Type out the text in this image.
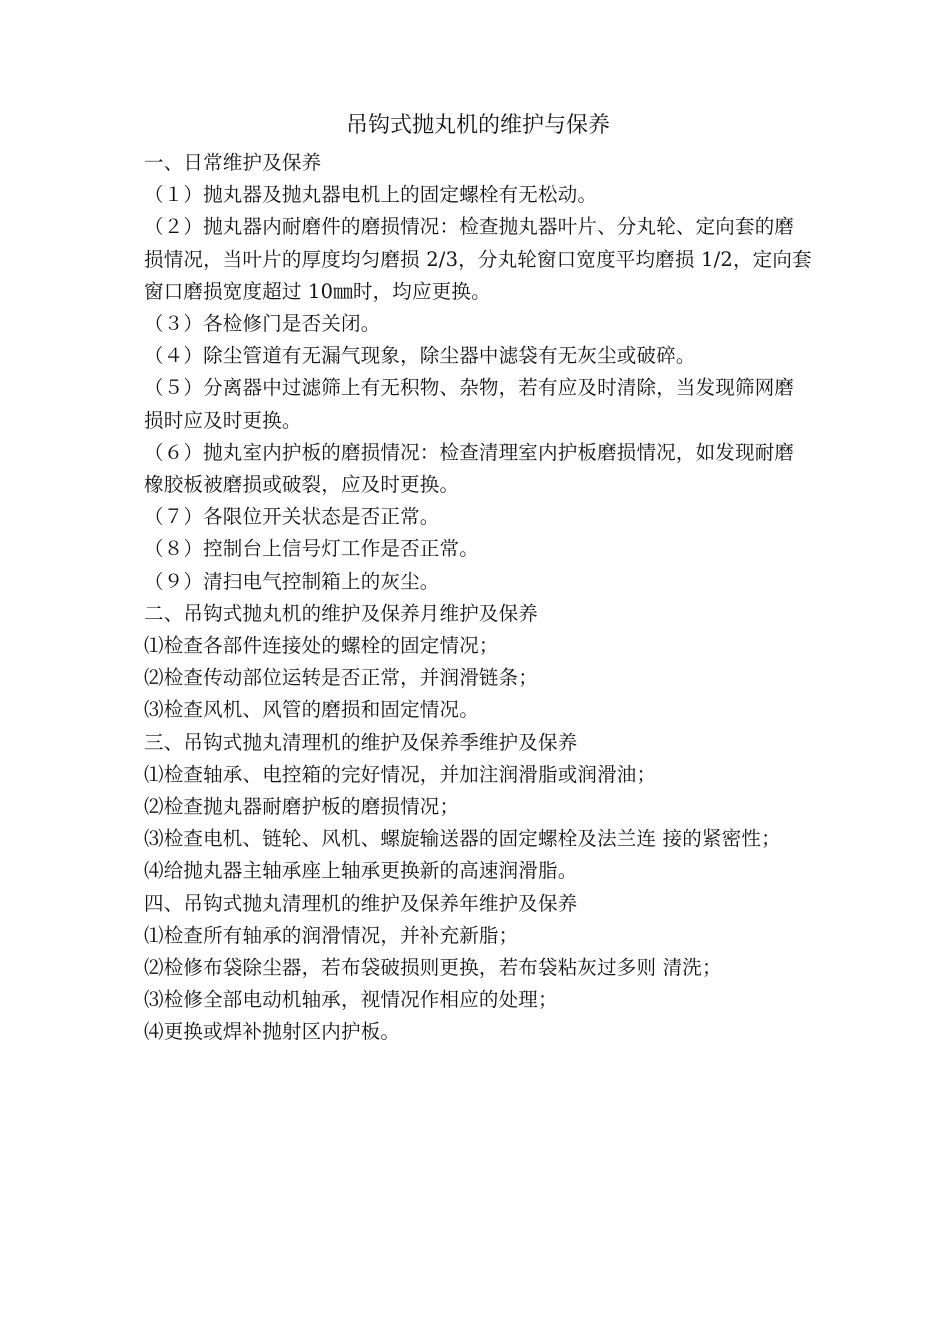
吊钩式抛丸机的维护与保养

一、日常维护及保养

（１）抛丸器及抛丸器电机上的固定螺栓有无松动。

（２）抛丸器内耐磨件的磨损情况：检查抛丸器叶片、分丸轮、定向套的磨损情况，当叶片的厚度均匀磨损 2/3，分丸轮窗口宽度平均磨损 1/2，定向套窗口磨损宽度超过 10㎜时，均应更换。

（３）各检修门是否关闭。

（４）除尘管道有无漏气现象，除尘器中滤袋有无灰尘或破碎。

（５）分离器中过滤筛上有无积物、杂物，若有应及时清除，当发现筛网磨损时应及时更换。

（６）抛丸室内护板的磨损情况：检查清理室内护板磨损情况，如发现耐磨橡胶板被磨损或破裂，应及时更换。

（７）各限位开关状态是否正常。

（８）控制台上信号灯工作是否正常。

（９）清扫电气控制箱上的灰尘。

二、吊钩式抛丸机的维护及保养月维护及保养

⑴检查各部件连接处的螺栓的固定情况；

⑵检查传动部位运转是否正常，并润滑链条；

⑶检查风机、风管的磨损和固定情况。

三、吊钩式抛丸清理机的维护及保养季维护及保养

⑴检查轴承、电控箱的完好情况，并加注润滑脂或润滑油；

⑵检查抛丸器耐磨护板的磨损情况；

⑶检查电机、链轮、风机、螺旋输送器的固定螺栓及法兰连 接的紧密性；

⑷给抛丸器主轴承座上轴承更换新的高速润滑脂。

四、吊钩式抛丸清理机的维护及保养年维护及保养

⑴检查所有轴承的润滑情况，并补充新脂；

⑵检修布袋除尘器，若布袋破损则更换，若布袋粘灰过多则 清洗；

⑶检修全部电动机轴承，视情况作相应的处理；

⑷更换或焊补抛射区内护板。
